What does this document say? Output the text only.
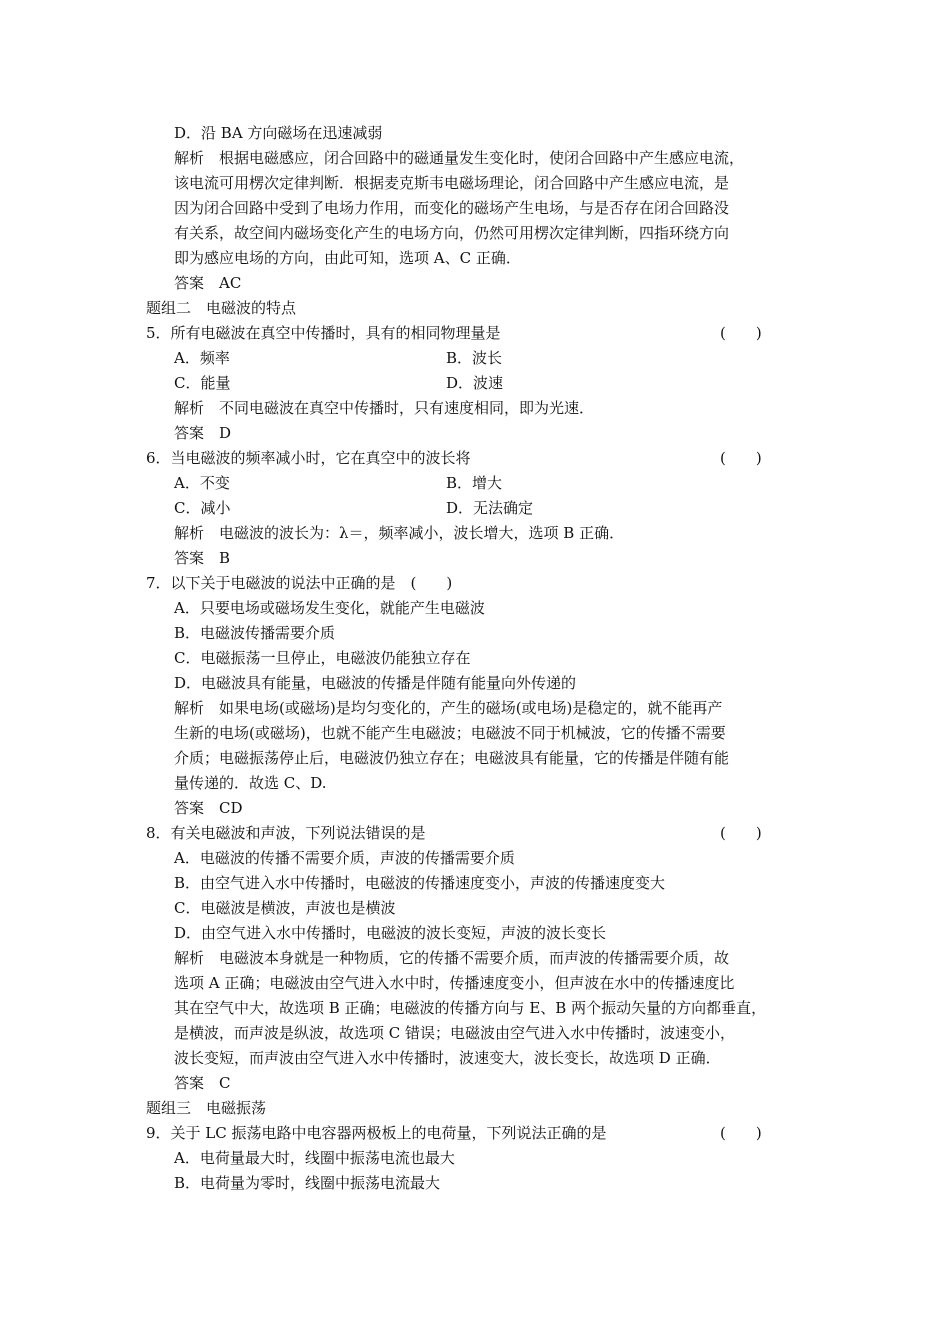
D．沿 BA 方向磁场在迅速减弱
解析　根据电磁感应，闭合回路中的磁通量发生变化时，使闭合回路中产生感应电流，
该电流可用楞次定律判断．根据麦克斯韦电磁场理论，闭合回路中产生感应电流，是
因为闭合回路中受到了电场力作用，而变化的磁场产生电场，与是否存在闭合回路没
有关系，故空间内磁场变化产生的电场方向，仍然可用楞次定律判断，四指环绕方向
即为感应电场的方向，由此可知，选项 A、C 正确．
答案　AC
题组二　电磁波的特点
5．所有电磁波在真空中传播时，具有的相同物理量是	(　　)
A．频率	B．波长
C．能量	D．波速
解析　不同电磁波在真空中传播时，只有速度相同，即为光速．
答案　D
6．当电磁波的频率减小时，它在真空中的波长将	(　　)
A．不变	B．增大
C．减小	D．无法确定
解析　电磁波的波长为：λ＝，频率减小，波长增大，选项 B 正确．
答案　B
7．以下关于电磁波的说法中正确的是　(　　)
A．只要电场或磁场发生变化，就能产生电磁波
B．电磁波传播需要介质
C．电磁振荡一旦停止，电磁波仍能独立存在
D．电磁波具有能量，电磁波的传播是伴随有能量向外传递的
解析　如果电场(或磁场)是均匀变化的，产生的磁场(或电场)是稳定的，就不能再产
生新的电场(或磁场)，也就不能产生电磁波；电磁波不同于机械波，它的传播不需要
介质；电磁振荡停止后，电磁波仍独立存在；电磁波具有能量，它的传播是伴随有能
量传递的．故选 C、D.
答案　CD
8．有关电磁波和声波，下列说法错误的是	(　　)
A．电磁波的传播不需要介质，声波的传播需要介质
B．由空气进入水中传播时，电磁波的传播速度变小，声波的传播速度变大
C．电磁波是横波，声波也是横波
D．由空气进入水中传播时，电磁波的波长变短，声波的波长变长
解析　电磁波本身就是一种物质，它的传播不需要介质，而声波的传播需要介质，故
选项 A 正确；电磁波由空气进入水中时，传播速度变小，但声波在水中的传播速度比
其在空气中大，故选项 B 正确；电磁波的传播方向与 E、B 两个振动矢量的方向都垂直，
是横波，而声波是纵波，故选项 C 错误；电磁波由空气进入水中传播时，波速变小，
波长变短，而声波由空气进入水中传播时，波速变大，波长变长，故选项 D 正确．
答案　C
题组三　电磁振荡
9．关于 LC 振荡电路中电容器两极板上的电荷量，下列说法正确的是	(　　)
A．电荷量最大时，线圈中振荡电流也最大
B．电荷量为零时，线圈中振荡电流最大
